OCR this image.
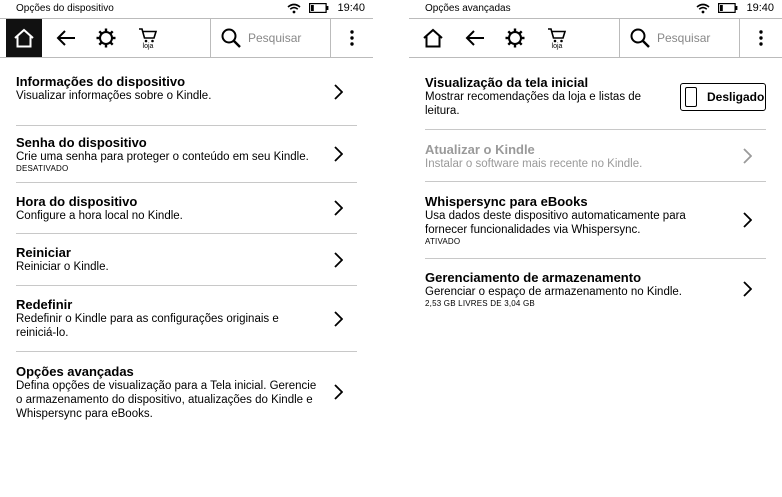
Opções do dispositivo	19:40
loja
Pesquisar
Informações do dispositivo
Visualizar informações sobre o Kindle.
Senha do dispositivo
Crie uma senha para proteger o conteúdo em seu Kindle.
DESATIVADO
Hora do dispositivo
Configure a hora local no Kindle.
Reiniciar
Reiniciar o Kindle.
Redefinir
Redefinir o Kindle para as configurações originais e reiniciá-lo.
Opções avançadas
Defina opções de visualização para a Tela inicial. Gerencie o armazenamento do dispositivo, atualizações do Kindle e Whispersync para eBooks.
Opções avançadas	19:40
loja
Pesquisar
Visualização da tela inicial
Mostrar recomendações da loja e listas de leitura.
Desligado
Atualizar o Kindle
Instalar o software mais recente no Kindle.
Whispersync para eBooks
Usa dados deste dispositivo automaticamente para fornecer funcionalidades via Whispersync.
ATIVADO
Gerenciamento de armazenamento
Gerenciar o espaço de armazenamento no Kindle.
2,53 GB LIVRES DE 3,04 GB
